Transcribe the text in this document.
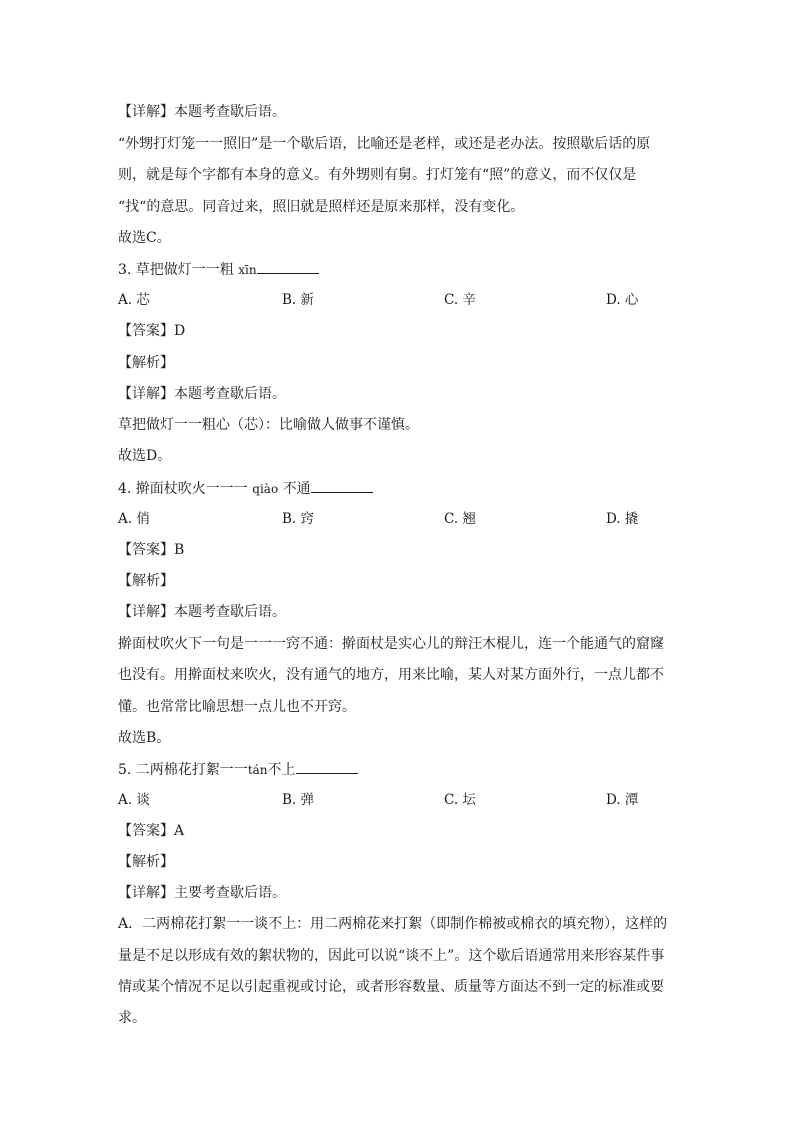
【详解】本题考查歇后语。
“外甥打灯笼一一照旧”是一个歇后语，比喻还是老样，或还是老办法。按照歇后话的原
则，就是每个字都有本身的意义。有外甥则有舅。打灯笼有“照”的意义，而不仅仅是
“找“的意思。同音过来，照旧就是照样还是原来那样，没有变化。
故选C。
3. 草把做灯一一粗 xīn
A. 芯	B. 新	C. 辛	D. 心
【答案】D
【解析】
【详解】本题考查歇后语。
草把做灯一一粗心（芯）：比喻做人做事不谨慎。
故选D。
4. 擀面杖吹火一一一 qiào 不通
A. 俏	B. 窍	C. 翘	D. 撬
【答案】B
【解析】
【详解】本题考查歇后语。
擀面杖吹火下一句是一一一窍不通：擀面杖是实心儿的辩汪木棍儿，连一个能通气的窟窿
也没有。用擀面杖来吹火，没有通气的地方，用来比喻，某人对某方面外行，一点儿都不
懂。也常常比喻思想一点儿也不开窍。
故选B。
5. 二两棉花打絮一一tán不上
A. 谈	B. 弹	C. 坛	D. 潭
【答案】A
【解析】
【详解】主要考查歇后语。
A．二两棉花打絮一一谈不上：用二两棉花来打絮（即制作棉被或棉衣的填充物），这样的
量是不足以形成有效的絮状物的，因此可以说“谈不上”。这个歇后语通常用来形容某件事
情或某个情况不足以引起重视或讨论，或者形容数量、质量等方面达不到一定的标准或要
求。
